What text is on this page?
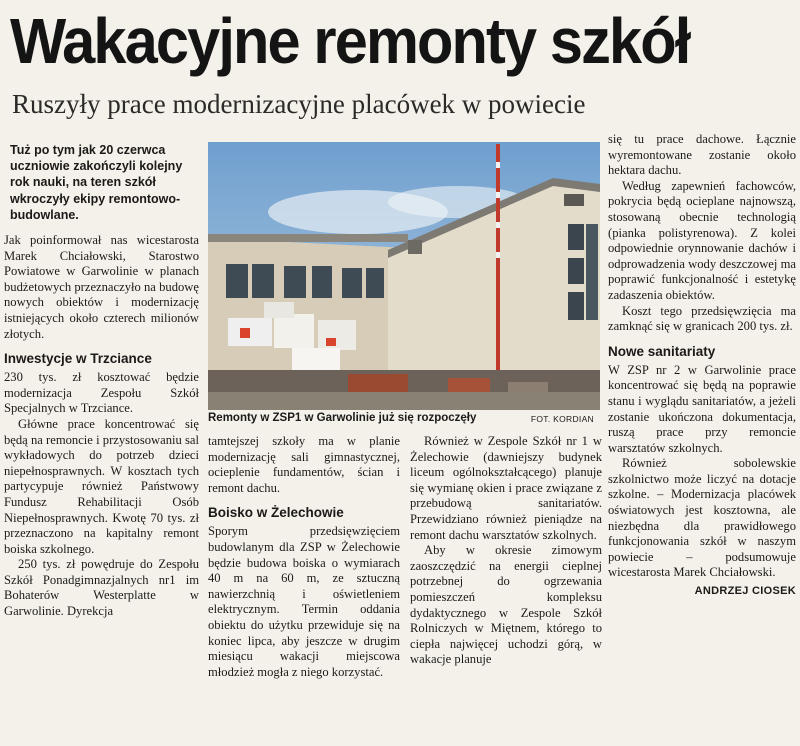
Wakacyjne remonty szkół
Ruszyły prace modernizacyjne placówek w powiecie

Tuż po tym jak 20 czerwca uczniowie zakończyli kolejny rok nauki, na teren szkół wkroczyły ekipy remontowo-budowlane.

Jak poinformował nas wicestarosta Marek Chciałowski, Starostwo Powiatowe w Garwolinie w planach budżetowych przeznaczyło na budowę nowych obiektów i modernizację istniejących około czterech milionów złotych.

Inwestycje w Trzciance

230 tys. zł kosztować będzie modernizacja Zespołu Szkół Specjalnych w Trzciance.

Główne prace koncentrować się będą na remoncie i przystosowaniu sal wykładowych do potrzeb dzieci niepełnosprawnych. W kosztach tych partycypuje również Państwowy Fundusz Rehabilitacji Osób Niepełnosprawnych. Kwotę 70 tys. zł przeznaczono na kapitalny remont boiska szkolnego.

250 tys. zł powędruje do Zespołu Szkół Ponadgimnazjalnych nr1 im Bohaterów Westerplatte w Garwolinie. Dyrekcja

Remonty w ZSP1 w Garwolinie już się rozpoczęły	FOT. KORDIAN

tamtejszej szkoły ma w planie modernizację sali gimnastycznej, ocieplenie fundamentów, ścian i remont dachu.

Boisko w Żelechowie

Sporym przedsięwzięciem budowlanym dla ZSP w Żelechowie będzie budowa boiska o wymiarach 40 m na 60 m, ze sztuczną nawierzchnią i oświetleniem elektrycznym. Termin oddania obiektu do użytku przewiduje się na koniec lipca, aby jeszcze w drugim miesiącu wakacji miejscowa młodzież mogła z niego korzystać.

Również w Zespole Szkół nr 1 w Żelechowie (dawniejszy budynek liceum ogólnokształcącego) planuje się wymianę okien i prace związane z przebudową sanitariatów. Przewidziano również pieniądze na remont dachu warsztatów szkolnych.

Aby w okresie zimowym zaoszczędzić na energii cieplnej potrzebnej do ogrzewania pomieszczeń kompleksu dydaktycznego w Zespole Szkół Rolniczych w Miętnem, którego to ciepła najwięcej uchodzi górą, w wakacje planuje

się tu prace dachowe. Łącznie wyremontowane zostanie około hektara dachu.

Według zapewnień fachowców, pokrycia będą ocieplane najnowszą, stosowaną obecnie technologią (pianka polistyrenowa). Z kolei odpowiednie orynnowanie dachów i odprowadzenia wody deszczowej ma poprawić funkcjonalność i estetykę zadaszenia obiektów.

Koszt tego przedsięwzięcia ma zamknąć się w granicach 200 tys. zł.

Nowe sanitariaty

W ZSP nr 2 w Garwolinie prace koncentrować się będą na poprawie stanu i wyglądu sanitariatów, a jeżeli zostanie ukończona dokumentacja, ruszą prace przy remoncie warsztatów szkolnych.

Również sobolewskie szkolnictwo może liczyć na dotacje szkolne. – Modernizacja placówek oświatowych jest kosztowna, ale niezbędna dla prawidłowego funkcjonowania szkół w naszym powiecie – podsumowuje wicestarosta Marek Chciałowski.

ANDRZEJ CIOSEK
